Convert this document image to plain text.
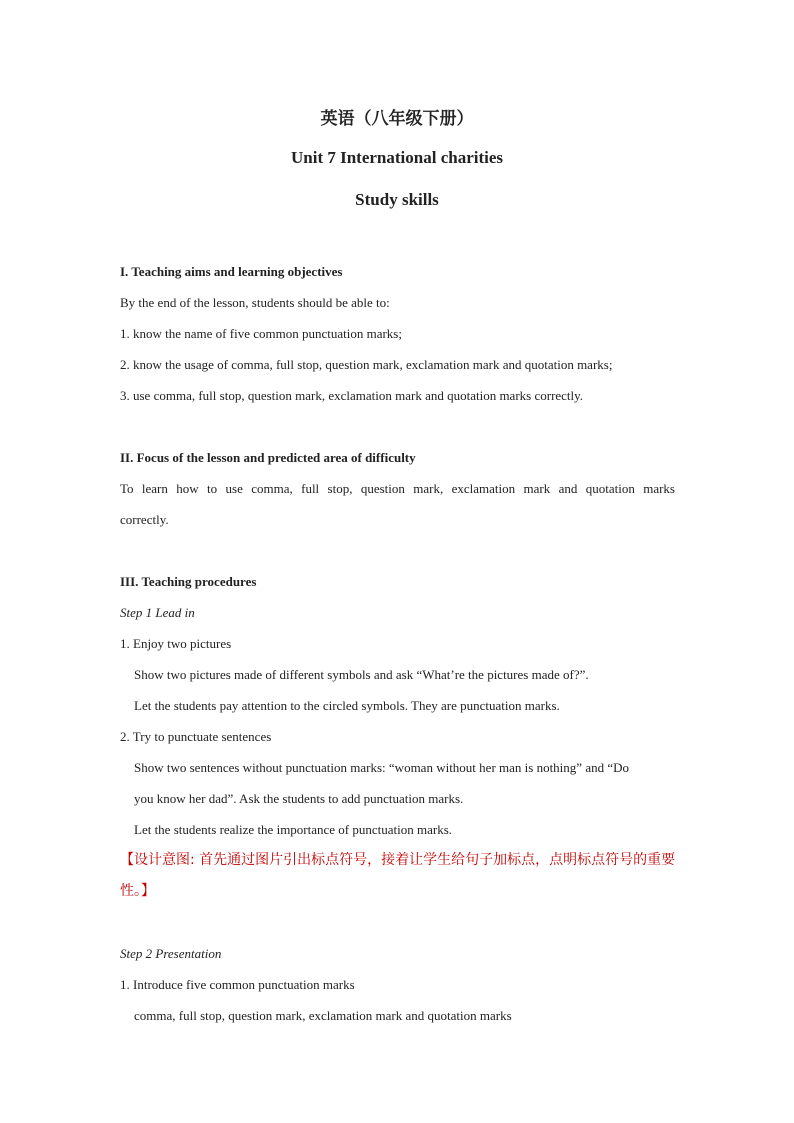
英语（八年级下册）
Unit 7 International charities
Study skills
I. Teaching aims and learning objectives
By the end of the lesson, students should be able to:
1. know the name of five common punctuation marks;
2. know the usage of comma, full stop, question mark, exclamation mark and quotation marks;
3. use comma, full stop, question mark, exclamation mark and quotation marks correctly.
II. Focus of the lesson and predicted area of difficulty
To learn how to use comma, full stop, question mark, exclamation mark and quotation marks
correctly.
III. Teaching procedures
Step 1 Lead in
1. Enjoy two pictures
Show two pictures made of different symbols and ask “What’re the pictures made of?”.
Let the students pay attention to the circled symbols. They are punctuation marks.
2. Try to punctuate sentences
Show two sentences without punctuation marks: “woman without her man is nothing” and “Do
you know her dad”. Ask the students to add punctuation marks.
Let the students realize the importance of punctuation marks.
【设计意图: 首先通过图片引出标点符号，接着让学生给句子加标点，点明标点符号的重要
性。】
Step 2 Presentation
1. Introduce five common punctuation marks
comma, full stop, question mark, exclamation mark and quotation marks
